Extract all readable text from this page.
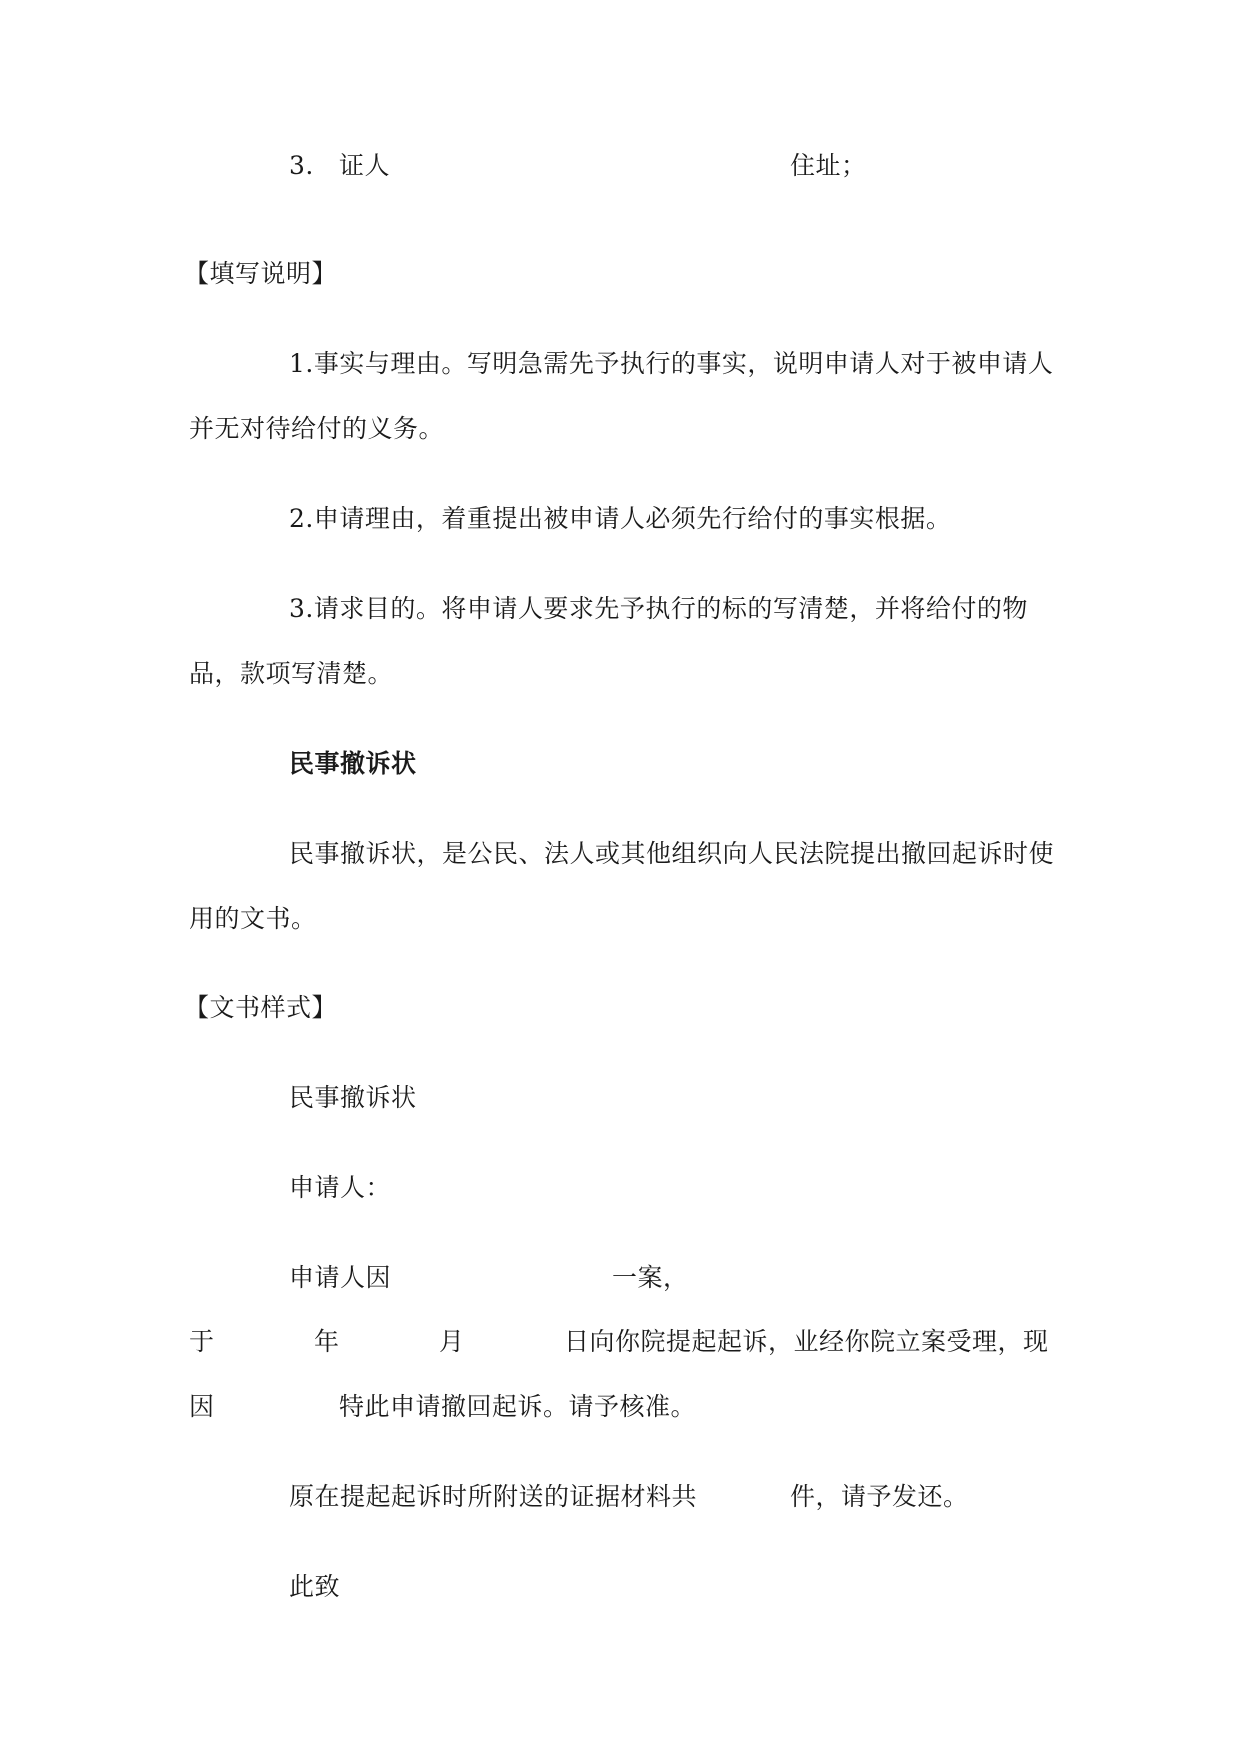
3. 证人	住址；
【填写说明】
1.事实与理由。写明急需先予执行的事实，说明申请人对于被申请人
并无对待给付的义务。
2.申请理由，着重提出被申请人必须先行给付的事实根据。
3.请求目的。将申请人要求先予执行的标的写清楚，并将给付的物
品，款项写清楚。
民事撤诉状
民事撤诉状，是公民、法人或其他组织向人民法院提出撤回起诉时使
用的文书。
【文书样式】
民事撤诉状
申请人：
申请人因	一案，
于	年	月	日向你院提起起诉，业经你院立案受理，现
因	特此申请撤回起诉。请予核准。
原在提起起诉时所附送的证据材料共	件，请予发还。
此致
